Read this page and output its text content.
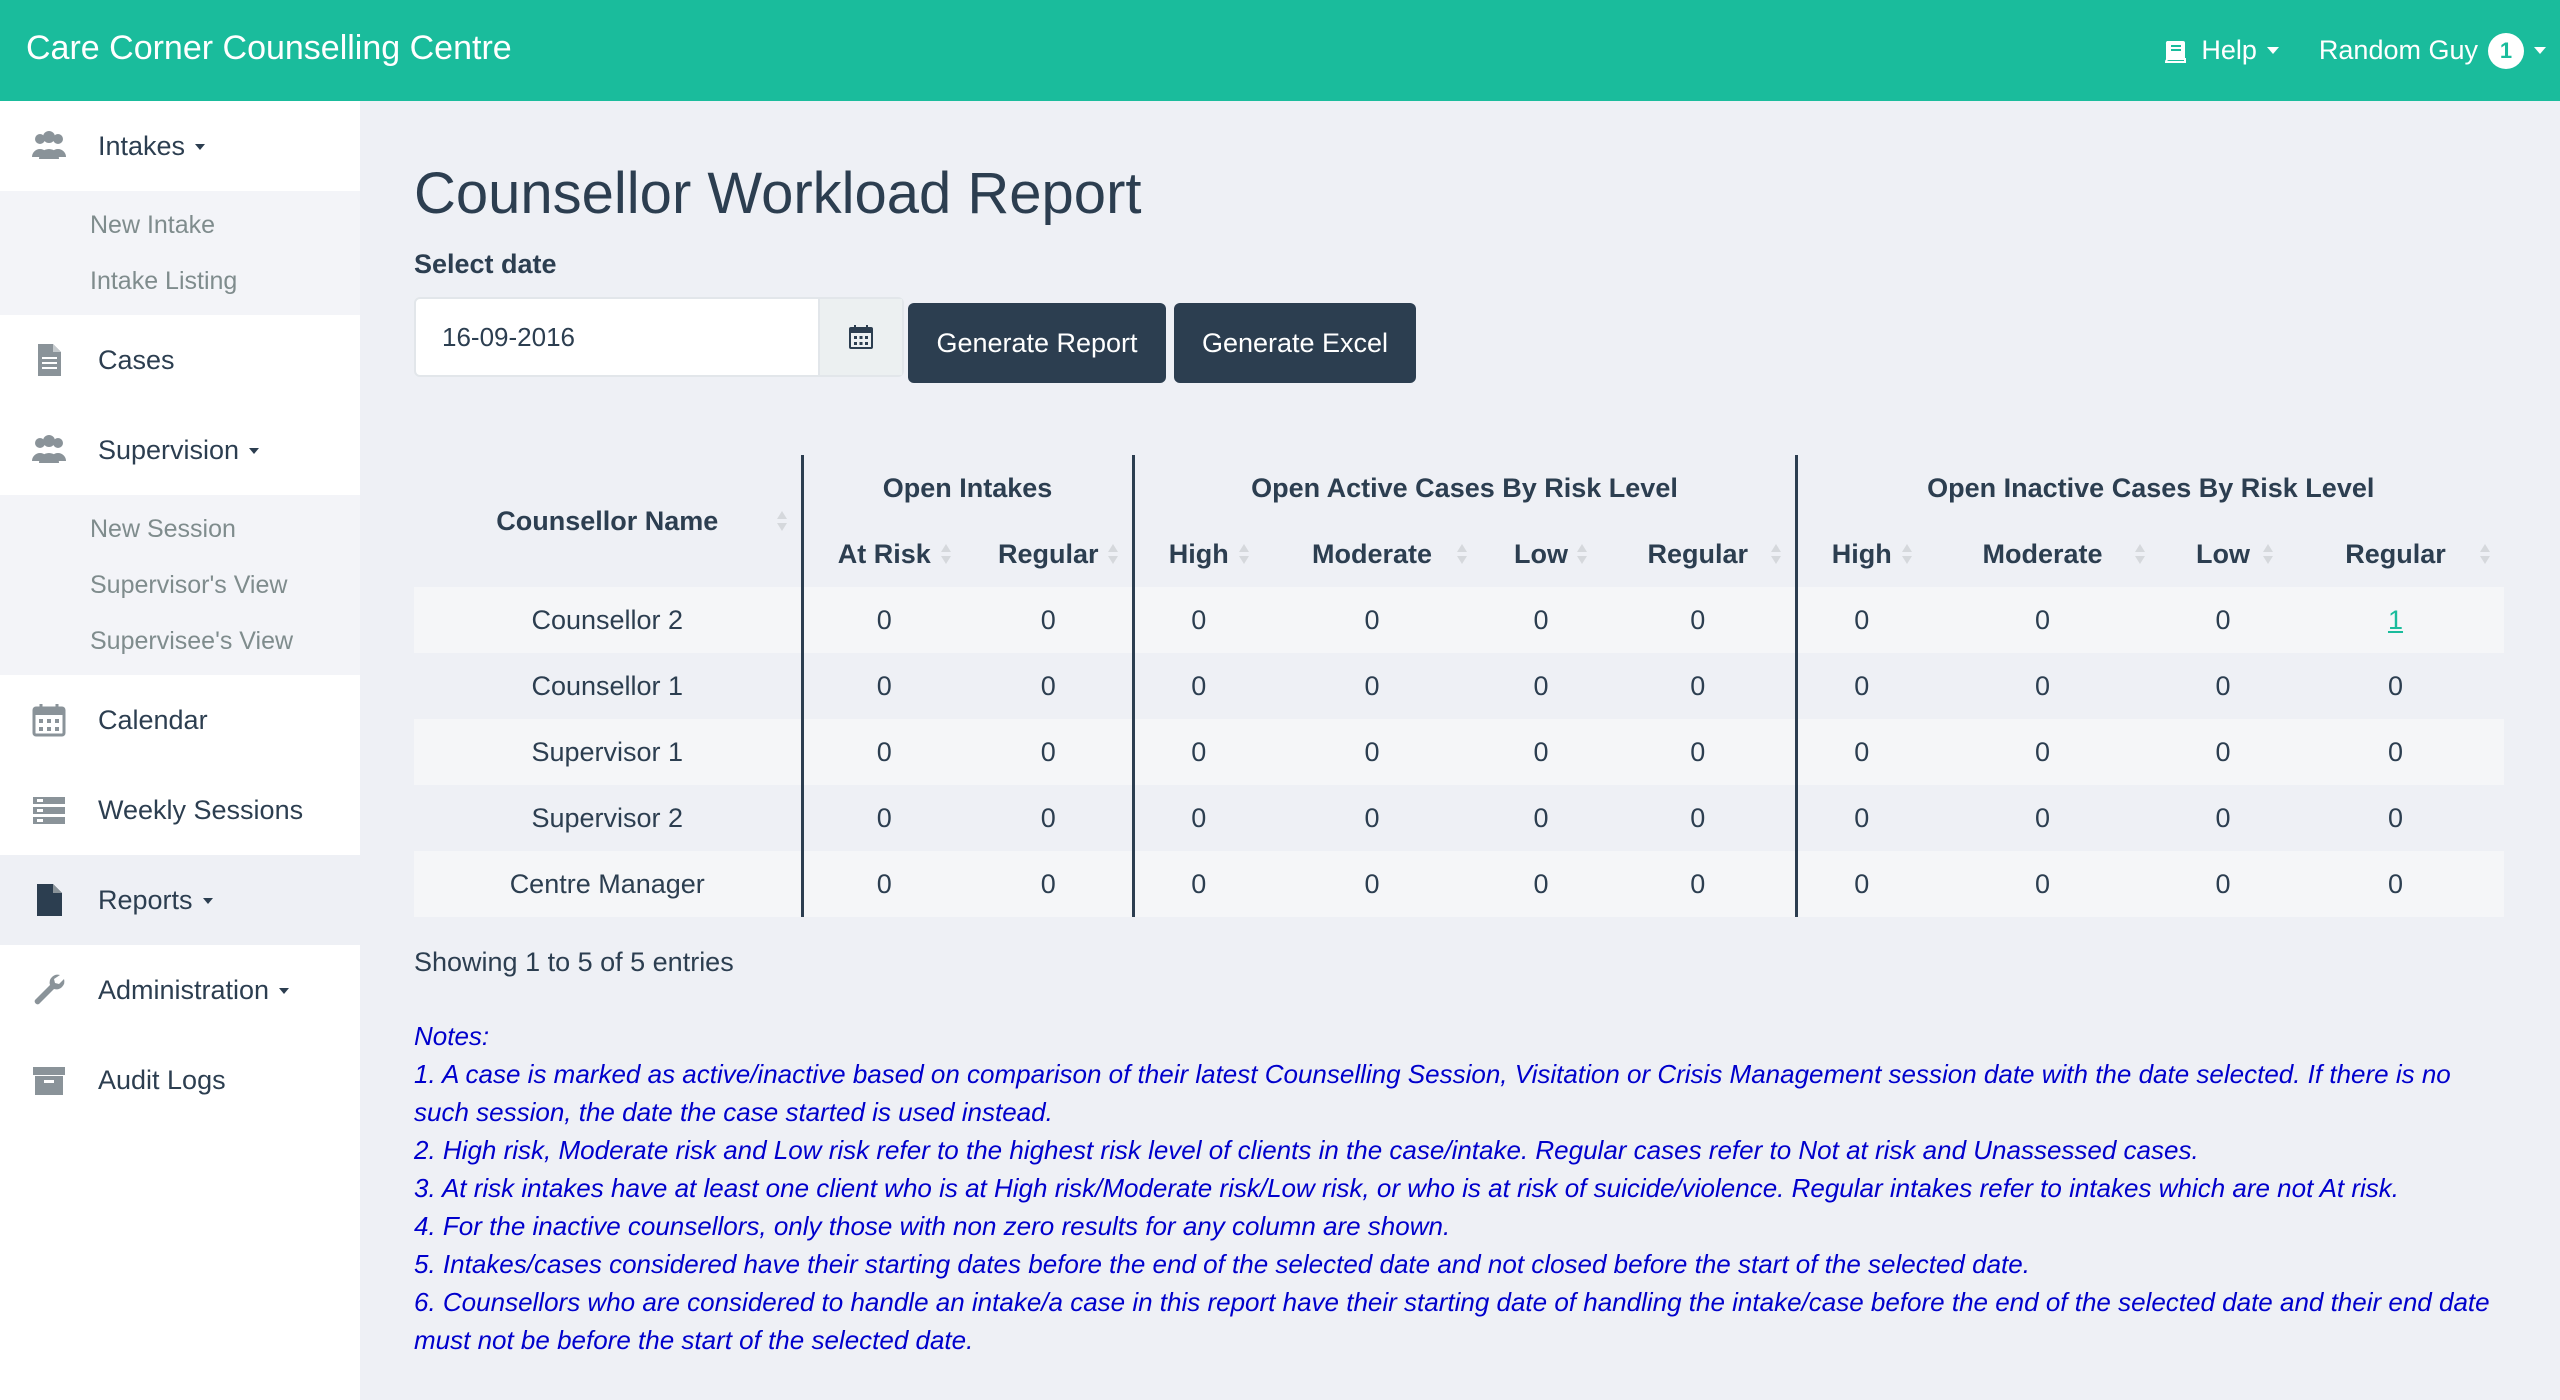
Care Corner Counselling Centre	Help Random Guy 1
Intakes
New Intake
Intake Listing
Cases
Supervision
New Session
Supervisor's View
Supervisee's View
Calendar
Weekly Sessions
Reports
Administration
Audit Logs
Counsellor Workload Report
Select date
16-09-2016
Generate Report	Generate Excel
Counsellor Name	Open Intakes		Open Active Cases By Risk Level				Open Inactive Cases By Risk Level			
	At Risk	Regular	High	Moderate	Low	Regular	High	Moderate	Low	Regular

Counsellor 2	0	0	0	0	0	0	0	0	0	1
Counsellor 1	0	0	0	0	0	0	0	0	0	0
Supervisor 1	0	0	0	0	0	0	0	0	0	0
Supervisor 2	0	0	0	0	0	0	0	0	0	0
Centre Manager	0	0	0	0	0	0	0	0	0	0
Showing 1 to 5 of 5 entries

Notes:

1. A case is marked as active/inactive based on comparison of their latest Counselling Session, Visitation or Crisis Management session date with the date selected. If there is no such session, the date the case started is used instead.

2. High risk, Moderate risk and Low risk refer to the highest risk level of clients in the case/intake. Regular cases refer to Not at risk and Unassessed cases.

3. At risk intakes have at least one client who is at High risk/Moderate risk/Low risk, or who is at risk of suicide/violence. Regular intakes refer to intakes which are not At risk.

4. For the inactive counsellors, only those with non zero results for any column are shown.

5. Intakes/cases considered have their starting dates before the end of the selected date and not closed before the start of the selected date.

6. Counsellors who are considered to handle an intake/a case in this report have their starting date of handling the intake/case before the end of the selected date and their end date must not be before the start of the selected date.
